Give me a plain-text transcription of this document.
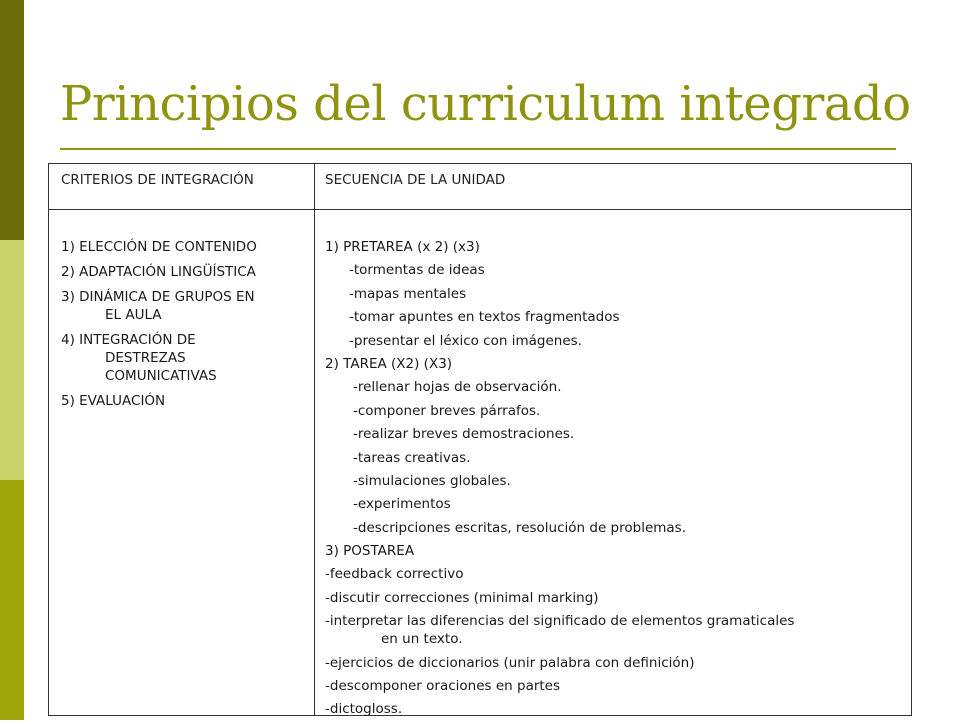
Principios del curriculum integrado
CRITERIOS DE INTEGRACIÓN	SECUENCIA DE LA UNIDAD
1) ELECCIÓN DE CONTENIDO
2) ADAPTACIÓN LINGÜÍSTICA
3) DINÁMICA DE GRUPOS EN
EL AULA
4) INTEGRACIÓN DE
DESTREZAS COMUNICATIVAS
5) EVALUACIÓN
1) PRETAREA (x 2) (x3)
-tormentas de ideas
-mapas mentales
-tomar apuntes en textos fragmentados
-presentar el léxico con imágenes.
2) TAREA (X2) (X3)
-rellenar hojas de observación.
-componer breves párrafos.
-realizar breves demostraciones.
-tareas creativas.
-simulaciones globales.
-experimentos
-descripciones escritas, resolución de problemas.
3) POSTAREA
-feedback correctivo
-discutir correcciones (minimal marking)
-interpretar las diferencias del significado de elementos gramaticales
en un texto.
-ejercicios de diccionarios (unir palabra con definición)
-descomponer oraciones en partes
-dictogloss.
